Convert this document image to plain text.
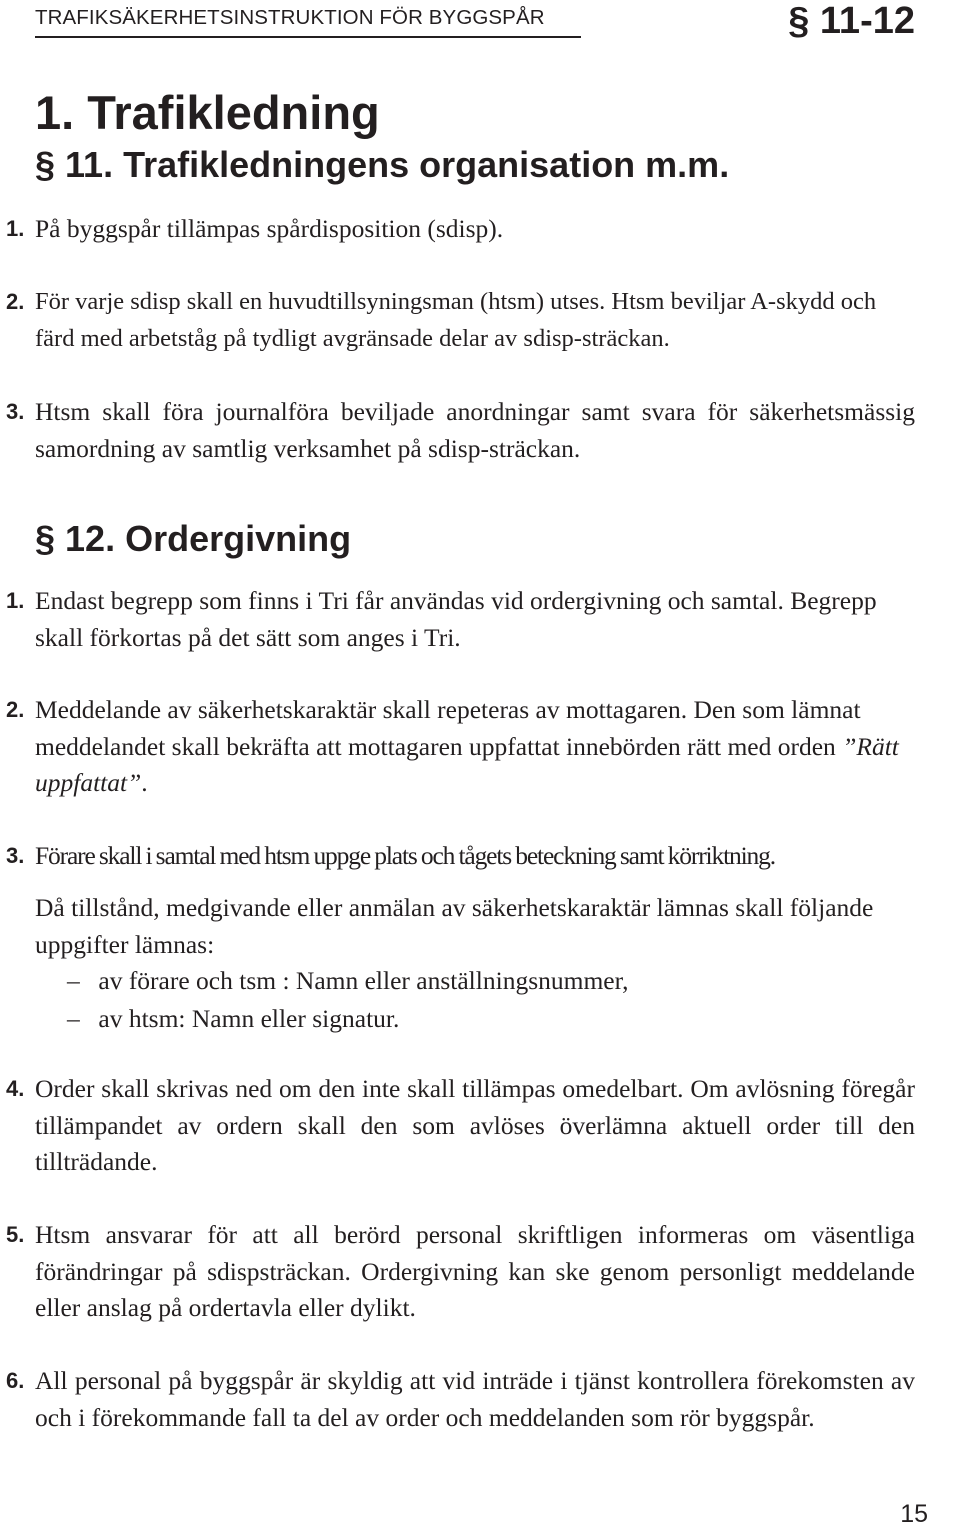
TRAFIKSÄKERHETSINSTRUKTION FÖR BYGGSPÅR	§ 11-12
1. Trafikledning
§ 11. Trafikledningens organisation m.m.
1. På byggspår tillämpas spårdisposition (sdisp).
2. För varje sdisp skall en huvudtillsyningsman (htsm) utses. Htsm beviljar A-skydd och färd med arbetståg på tydligt avgränsade delar av sdisp-sträckan.
3. Htsm skall föra journalföra beviljade anordningar samt svara för säkerhetsmässig samordning av samtlig verksamhet på sdisp-sträckan.
§ 12. Ordergivning
1. Endast begrepp som finns i Tri får användas vid ordergivning och samtal. Begrepp skall förkortas på det sätt som anges i Tri.
2. Meddelande av säkerhetskaraktär skall repeteras av mottagaren. Den som lämnat meddelandet skall bekräfta att mottagaren uppfattat innebörden rätt med orden ”Rätt uppfattat”.
3. Förare skall i samtal med htsm uppge plats och tågets beteckning samt körriktning.
Då tillstånd, medgivande eller anmälan av säkerhetskaraktär lämnas skall följande uppgifter lämnas:
– av förare och tsm : Namn eller anställningsnummer,
– av htsm: Namn eller signatur.
4. Order skall skrivas ned om den inte skall tillämpas omedelbart. Om avlösning föregår tillämpandet av ordern skall den som avlöses överlämna aktuell order till den tillträdande.
5. Htsm ansvarar för att all berörd personal skriftligen informeras om väsentliga förändringar på sdispsträckan. Ordergivning kan ske genom personligt meddelande eller anslag på ordertavla eller dylikt.
6. All personal på byggspår är skyldig att vid inträde i tjänst kontrollera förekomsten av och i förekommande fall ta del av order och meddelanden som rör byggspår.
15
